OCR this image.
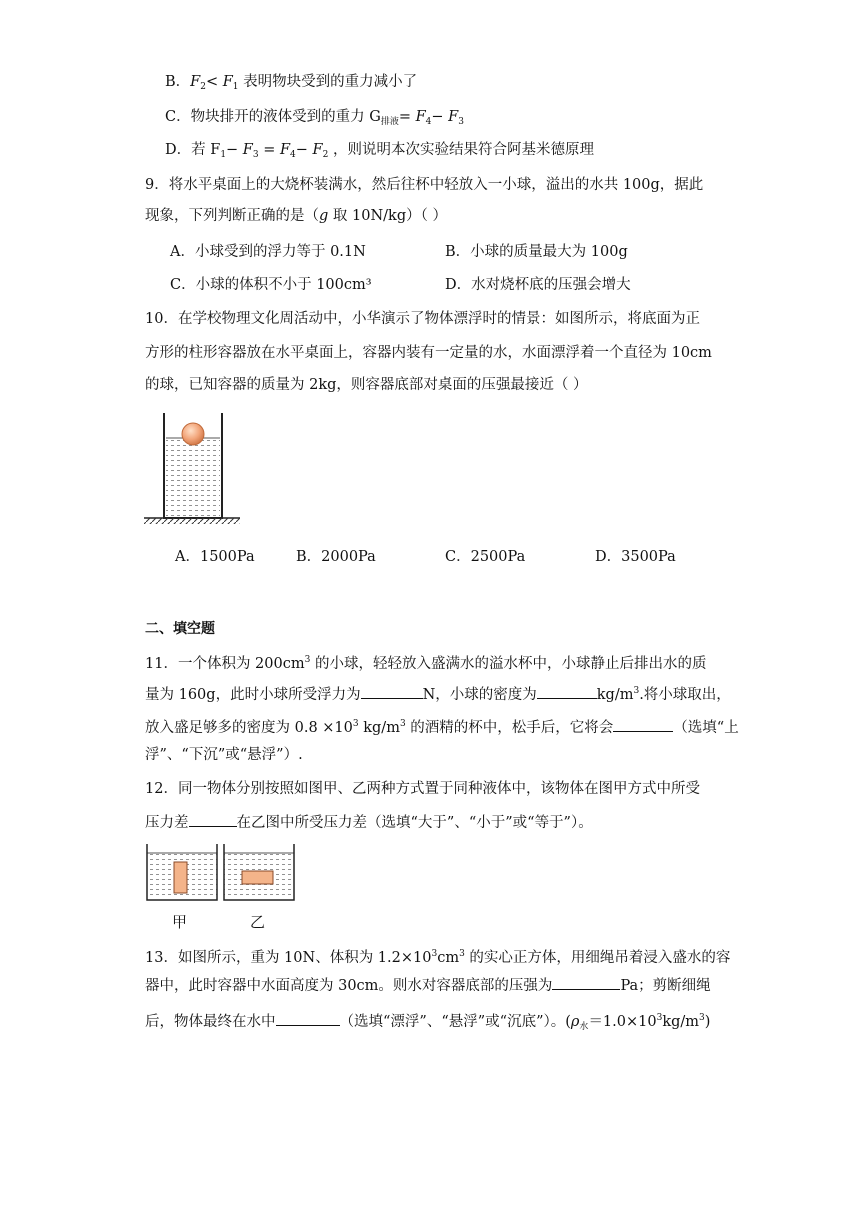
B．$F_2< F_1$ 表明物块受到的重力减小了
C．物块排开的液体受到的重力 $G_{排液}= F_4- F_3$
D．若 $F_1- F_3 = F_4- F_2$ ，则说明本次实验结果符合阿基米德原理
9．将水平桌面上的大烧杯装满水，然后往杯中轻放入一小球，溢出的水共 100g，据此
现象，下列判断正确的是（g 取 10N/kg）（ ）
A．小球受到的浮力等于 0.1N	B．小球的质量最大为 100g
C．小球的体积不小于 100cm³	D．水对烧杯底的压强会增大
10．在学校物理文化周活动中，小华演示了物体漂浮时的情景：如图所示，将底面为正
方形的柱形容器放在水平桌面上，容器内装有一定量的水，水面漂浮着一个直径为 10cm
的球，已知容器的质量为 2kg，则容器底部对桌面的压强最接近（ ）
A．1500Pa	B．2000Pa	C．2500Pa	D．3500Pa
二、填空题
11．一个体积为 $200cm^3$ 的小球，轻轻放入盛满水的溢水杯中，小球静止后排出水的质
量为 160g，此时小球所受浮力为	N，小球的密度为	$kg/m^3$.将小球取出，
放入盛足够多的密度为 $0.8 \times 10^3$ $kg/m^3$ 的酒精的杯中，松手后，它将会	（选填“上
浮”、“下沉”或“悬浮”）.
12．同一物体分别按照如图甲、乙两种方式置于同种液体中，该物体在图甲方式中所受
压力差	在乙图中所受压力差（选填“大于”、“小于”或“等于”）。
甲	乙
13．如图所示，重为 10N、体积为 $1.2\times 10^3cm^3$ 的实心正方体，用细绳吊着浸入盛水的容
器中，此时容器中水面高度为 30cm。则水对容器底部的压强为	Pa；剪断细绳
后，物体最终在水中	（选填“漂浮”、“悬浮”或“沉底”）。$(\rho_水=1.0\times 10^3kg/m^3)$
